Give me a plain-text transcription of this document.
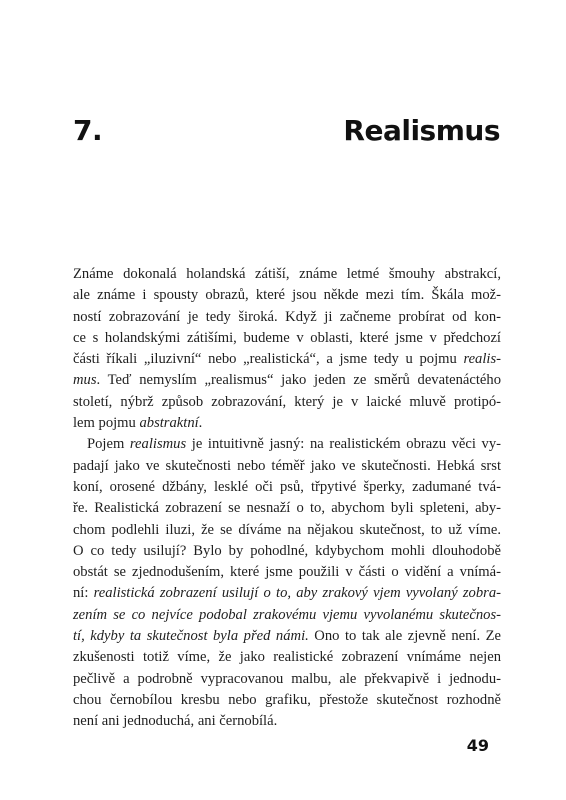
7.	Realismus
Známe dokonalá holandská zátiší, známe letmé šmouhy abstrakcí,
ale známe i spousty obrazů, které jsou někde mezi tím. Škála mož-
ností zobrazování je tedy široká. Když ji začneme probírat od kon-
ce s holandskými zátišími, budeme v oblasti, které jsme v předchozí
části říkali „iluzivní“ nebo „realistická“, a jsme tedy u pojmu realis-
mus. Teď nemyslím „realismus“ jako jeden ze směrů devatenáctého
století, nýbrž způsob zobrazování, který je v laické mluvě protipó-
lem pojmu abstraktní.
Pojem realismus je intuitivně jasný: na realistickém obrazu věci vy-
padají jako ve skutečnosti nebo téměř jako ve skutečnosti. Hebká srst
koní, orosené džbány, lesklé oči psů, třpytivé šperky, zadumané tvá-
ře. Realistická zobrazení se nesnaží o to, abychom byli spleteni, aby-
chom podlehli iluzi, že se díváme na nějakou skutečnost, to už víme.
O co tedy usilují? Bylo by pohodlné, kdybychom mohli dlouhodobě
obstát se zjednodušením, které jsme použili v části o vidění a vnímá-
ní: realistická zobrazení usilují o to, aby zrakový vjem vyvolaný zobra-
zením se co nejvíce podobal zrakovému vjemu vyvolanému skutečnos-
tí, kdyby ta skutečnost byla před námi. Ono to tak ale zjevně není. Ze
zkušenosti totiž víme, že jako realistické zobrazení vnímáme nejen
pečlivě a podrobně vypracovanou malbu, ale překvapivě i jednodu-
chou černobílou kresbu nebo grafiku, přestože skutečnost rozhodně
není ani jednoduchá, ani černobílá.
49
